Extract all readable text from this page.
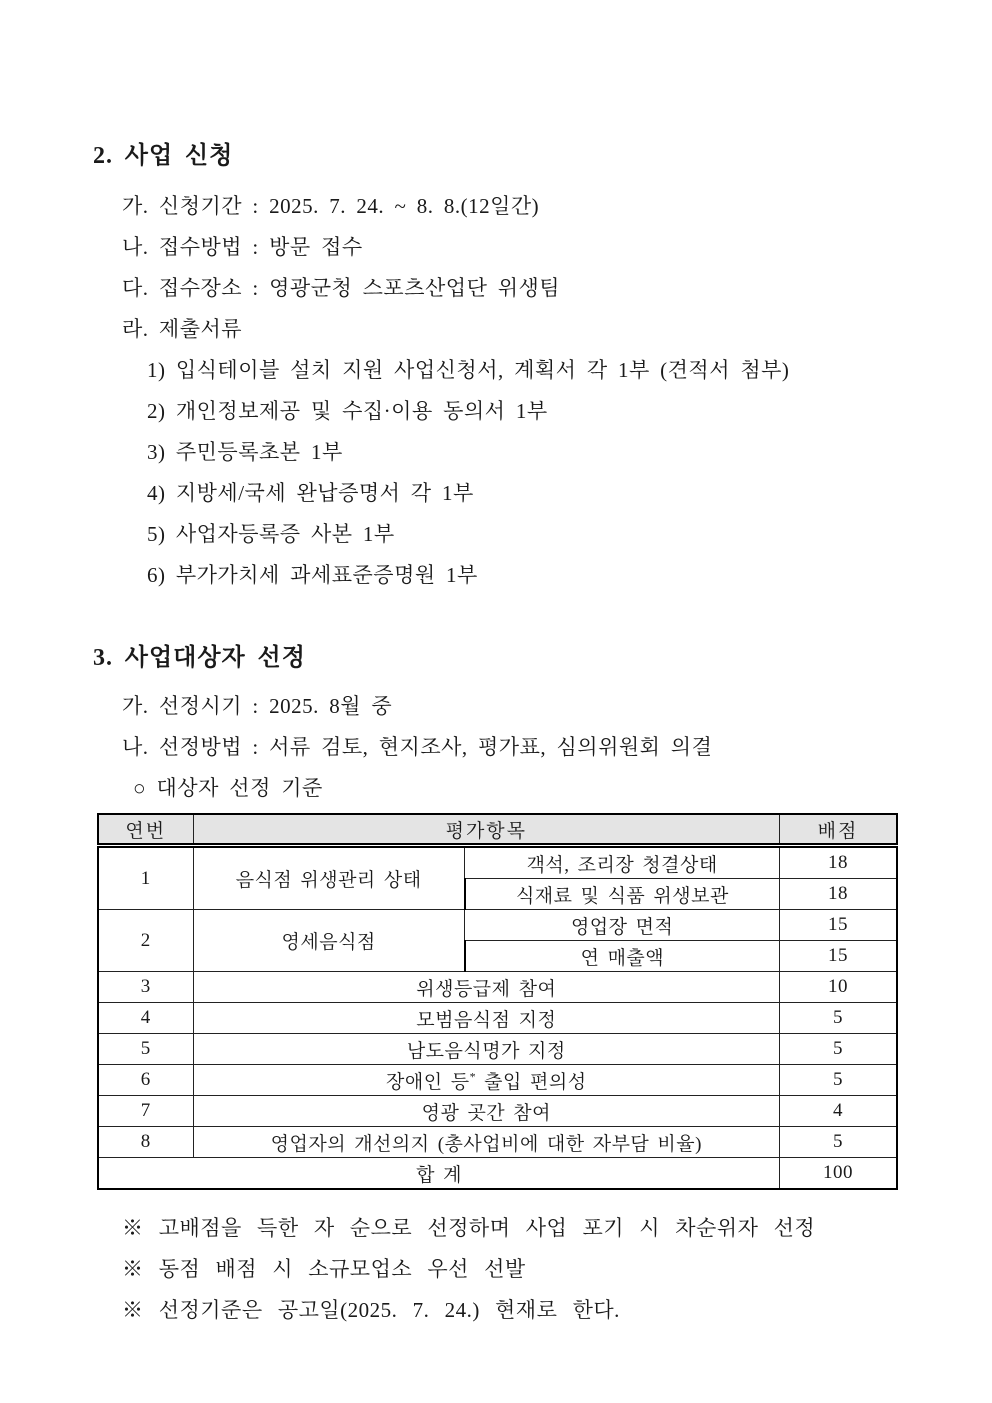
2. 사업 신청
가. 신청기간 : 2025. 7. 24. ~ 8. 8.(12일간)
나. 접수방법 : 방문 접수
다. 접수장소 : 영광군청 스포츠산업단 위생팀
라. 제출서류
1) 입식테이블 설치 지원 사업신청서, 계획서 각 1부 (견적서 첨부)
2) 개인정보제공 및 수집·이용 동의서 1부
3) 주민등록초본 1부
4) 지방세/국세 완납증명서 각 1부
5) 사업자등록증 사본 1부
6) 부가가치세 과세표준증명원 1부
3. 사업대상자 선정
가. 선정시기 : 2025. 8월 중
나. 선정방법 : 서류 검토, 현지조사, 평가표, 심의위원회 의결
○ 대상자 선정 기준
연번	평가항목		배점
1	음식점 위생관리 상태	객석, 조리장 청결상태	18
		식재료 및 식품 위생보관	18
2	영세음식점	영업장 면적	15
		연 매출액	15
3	위생등급제 참여		10
4	모범음식점 지정		5
5	남도음식명가 지정		5
6	장애인 등* 출입 편의성		5
7	영광 곳간 참여		4
8	영업자의 개선의지 (총사업비에 대한 자부담 비율)		5
합 계			100
※ 고배점을 득한 자 순으로 선정하며 사업 포기 시 차순위자 선정
※ 동점 배점 시 소규모업소 우선 선발
※ 선정기준은 공고일(2025. 7. 24.) 현재로 한다.
